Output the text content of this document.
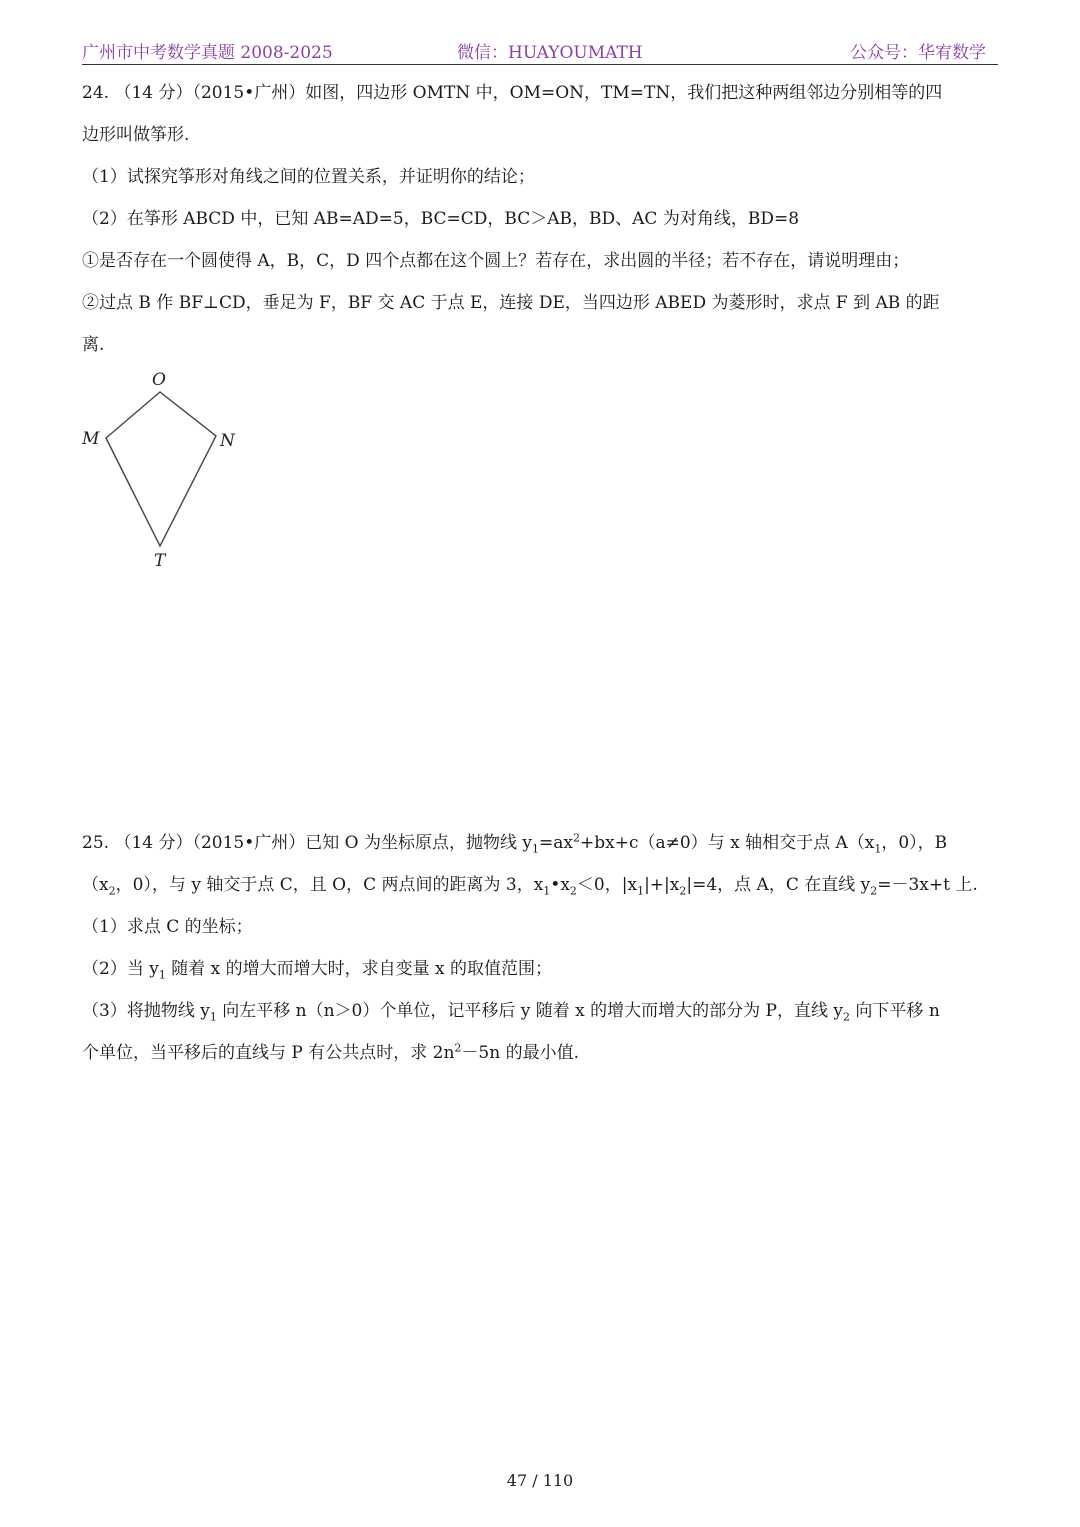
广州市中考数学真题 2008-2025	微信：HUAYOUMATH	公众号：华宥数学

24. （14 分）（2015•广州）如图，四边形 OMTN 中，OM=ON，TM=TN，我们把这种两组邻边分别相等的四

边形叫做筝形.

（1）试探究筝形对角线之间的位置关系，并证明你的结论；

（2）在筝形 ABCD 中，已知 AB=AD=5，BC=CD，BC＞AB，BD、AC 为对角线，BD=8

①是否存在一个圆使得 A，B，C，D 四个点都在这个圆上？若存在，求出圆的半径；若不存在，请说明理由；

②过点 B 作 BF⊥CD，垂足为 F，BF 交 AC 于点 E，连接 DE，当四边形 ABED 为菱形时，求点 F 到 AB 的距

离.

O
M	N
T

25. （14 分）（2015•广州）已知 O 为坐标原点，抛物线 $y_1=ax^2+bx+c(a\ne 0)$与 x 轴相交于点 $A(x_1$，0），B

（$x_2$，0），与 y 轴交于点 C，且 O，C 两点间的距离为 3，$x_1•x_2<0$，$|x_1|+|x_2|=4$，点 A，C 在直线 $y_2=-3x+t$ 上.

（1）求点 C 的坐标；

（2）当 $y_1$ 随着 x 的增大而增大时，求自变量 x 的取值范围；

（3）将抛物线 $y_1$ 向左平移 n（n＞0）个单位，记平移后 y 随着 x 的增大而增大的部分为 P，直线 $y_2$ 向下平移 n

个单位，当平移后的直线与 P 有公共点时，求 $2n^2-5n$ 的最小值.

47 / 110
